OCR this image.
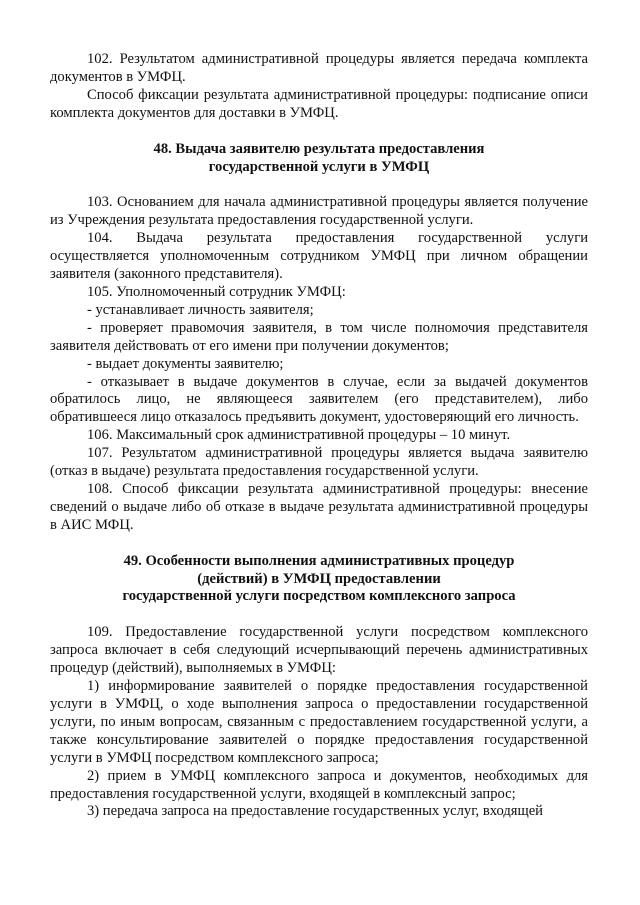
102. Результатом административной процедуры является передача комплекта документов в УМФЦ.

Способ фиксации результата административной процедуры: подписание описи комплекта документов для доставки в УМФЦ.

48. Выдача заявителю результата предоставления

государственной услуги в УМФЦ

103. Основанием для начала административной процедуры является получение из Учреждения результата предоставления государственной услуги.

104. Выдача результата предоставления государственной услуги осуществляется уполномоченным сотрудником УМФЦ при личном обращении заявителя (законного представителя).

105. Уполномоченный сотрудник УМФЦ:

- устанавливает личность заявителя;

- проверяет правомочия заявителя, в том числе полномочия представителя заявителя действовать от его имени при получении документов;

- выдает документы заявителю;

- отказывает в выдаче документов в случае, если за выдачей документов обратилось лицо, не являющееся заявителем (его представителем), либо обратившееся лицо отказалось предъявить документ, удостоверяющий его личность.

106. Максимальный срок административной процедуры – 10 минут.

107. Результатом административной процедуры является выдача заявителю (отказ в выдаче) результата предоставления государственной услуги.

108. Способ фиксации результата административной процедуры: внесение сведений о выдаче либо об отказе в выдаче результата административной процедуры в АИС МФЦ.

49. Особенности выполнения административных процедур

(действий) в УМФЦ предоставлении

государственной услуги посредством комплексного запроса

109. Предоставление государственной услуги посредством комплексного запроса включает в себя следующий исчерпывающий перечень административных процедур (действий), выполняемых в УМФЦ:

1) информирование заявителей о порядке предоставления государственной услуги в УМФЦ, о ходе выполнения запроса о предоставлении государственной услуги, по иным вопросам, связанным с предоставлением государственной услуги, а также консультирование заявителей о порядке предоставления государственной услуги в УМФЦ посредством комплексного запроса;

2) прием в УМФЦ комплексного запроса и документов, необходимых для предоставления государственной услуги, входящей в комплексный запрос;

3) передача запроса на предоставление государственных услуг, входящей
